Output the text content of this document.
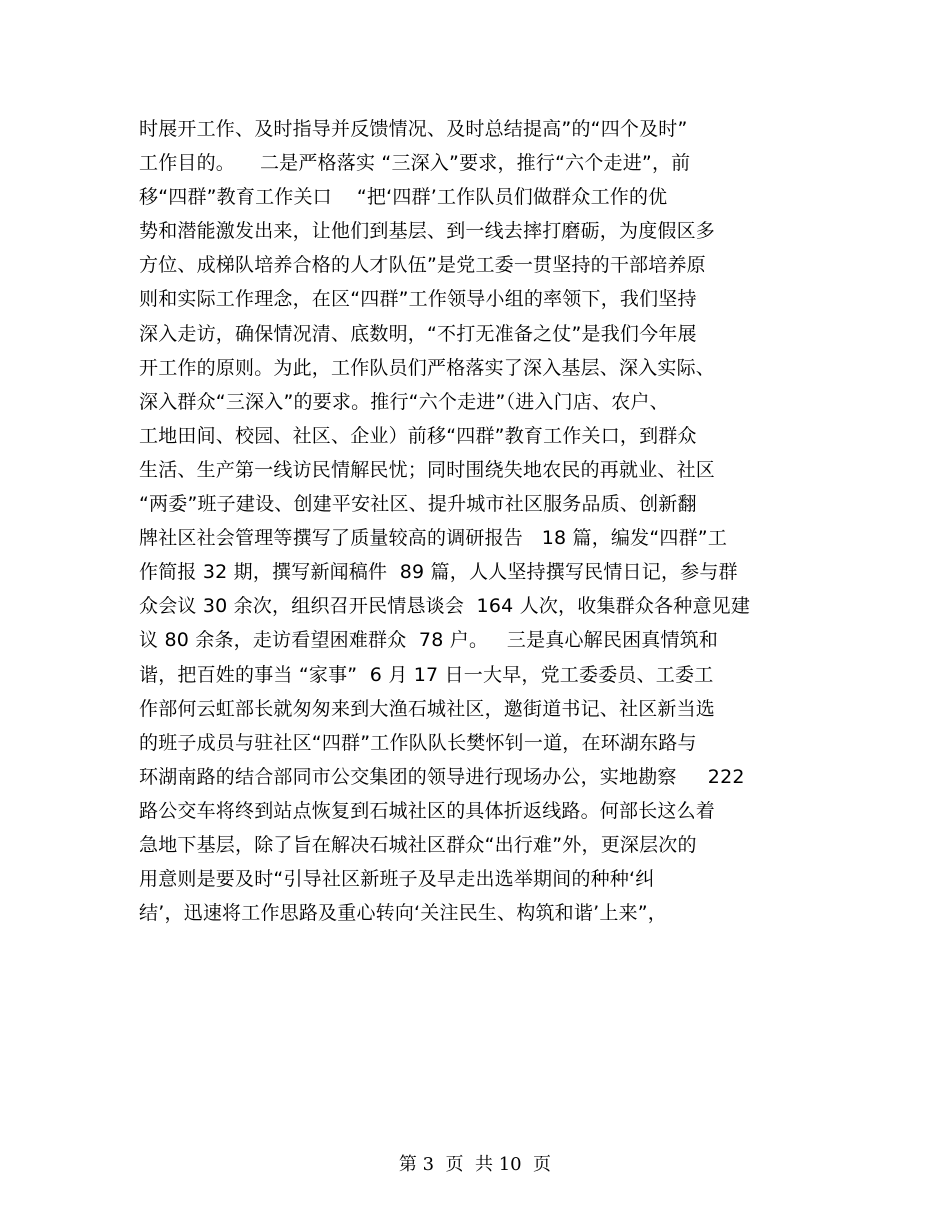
时展开工作、及时指导并反馈情况、及时总结提高”的“四个及时”
工作目的。    二是严格落实 “三深入”要求，推行“六个走进”，前
移“四群”教育工作关口    “把‘四群’工作队员们做群众工作的优
势和潜能激发出来，让他们到基层、到一线去摔打磨砺，为度假区多
方位、成梯队培养合格的人才队伍”是党工委一贯坚持的干部培养原
则和实际工作理念，在区“四群”工作领导小组的率领下，我们坚持
深入走访，确保情况清、底数明，“不打无准备之仗”是我们今年展
开工作的原则。为此，工作队员们严格落实了深入基层、深入实际、
深入群众“三深入”的要求。推行“六个走进”（进入门店、农户、
工地田间、校园、社区、企业）前移“四群”教育工作关口，到群众
生活、生产第一线访民情解民忧；同时围绕失地农民的再就业、社区
“两委”班子建设、创建平安社区、提升城市社区服务品质、创新翻
牌社区社会管理等撰写了质量较高的调研报告   18 篇，编发“四群”工
作简报 32 期，撰写新闻稿件  89 篇，人人坚持撰写民情日记，参与群
众会议 30 余次，组织召开民情恳谈会  164 人次，收集群众各种意见建
议 80 余条，走访看望困难群众  78 户。   三是真心解民困真情筑和
谐，把百姓的事当 “家事”  6 月 17 日一大早，党工委委员、工委工
作部何云虹部长就匆匆来到大渔石城社区，邀街道书记、社区新当选
的班子成员与驻社区“四群”工作队队长樊怀钊一道，在环湖东路与
环湖南路的结合部同市公交集团的领导进行现场办公，实地勘察     222
路公交车将终到站点恢复到石城社区的具体折返线路。何部长这么着
急地下基层，除了旨在解决石城社区群众“出行难”外，更深层次的
用意则是要及时“引导社区新班子及早走出选举期间的种种‘纠
结’，迅速将工作思路及重心转向‘关注民生、构筑和谐’上来”，
第 3  页  共 10  页
